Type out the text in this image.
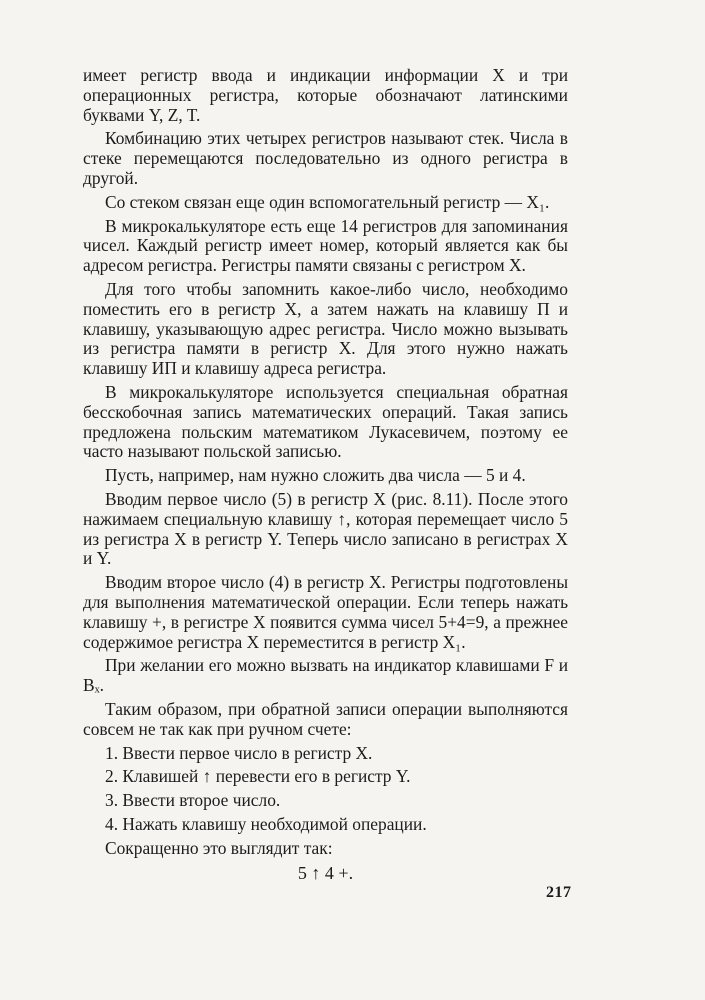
имеет регистр ввода и индикации информации X и три операционных регистра, которые обозначают латинскими буквами Y, Z, T.

Комбинацию этих четырех регистров называют стек. Числа в стеке перемещаются последовательно из одного регистра в другой.

Со стеком связан еще один вспомогательный регистр — X₁.

В микрокалькуляторе есть еще 14 регистров для запоминания чисел. Каждый регистр имеет номер, который является как бы адресом регистра. Регистры памяти связаны с регистром X.

Для того чтобы запомнить какое-либо число, необходимо поместить его в регистр X, а затем нажать на клавишу П и клавишу, указывающую адрес регистра. Число можно вызывать из регистра памяти в регистр X. Для этого нужно нажать клавишу ИП и клавишу адреса регистра.

В микрокалькуляторе используется специальная обратная бесскобочная запись математических операций. Такая запись предложена польским математиком Лукасевичем, поэтому ее часто называют польской записью.

Пусть, например, нам нужно сложить два числа — 5 и 4.

Вводим первое число (5) в регистр X (рис. 8.11). После этого нажимаем специальную клавишу ↑, которая перемещает число 5 из регистра X в регистр Y. Теперь число записано в регистрах X и Y.

Вводим второе число (4) в регистр X. Регистры подготовлены для выполнения математической операции. Если теперь нажать клавишу +, в регистре X появится сумма чисел 5+4=9, а прежнее содержимое регистра X переместится в регистр X₁.

При желании его можно вызвать на индикатор клавишами F и Bₓ.

Таким образом, при обратной записи операции выполняются совсем не так как при ручном счете:

1. Ввести первое число в регистр X.

2. Клавишей ↑ перевести его в регистр Y.

3. Ввести второе число.

4. Нажать клавишу необходимой операции.

Сокращенно это выглядит так:

5 ↑ 4 +.

217
